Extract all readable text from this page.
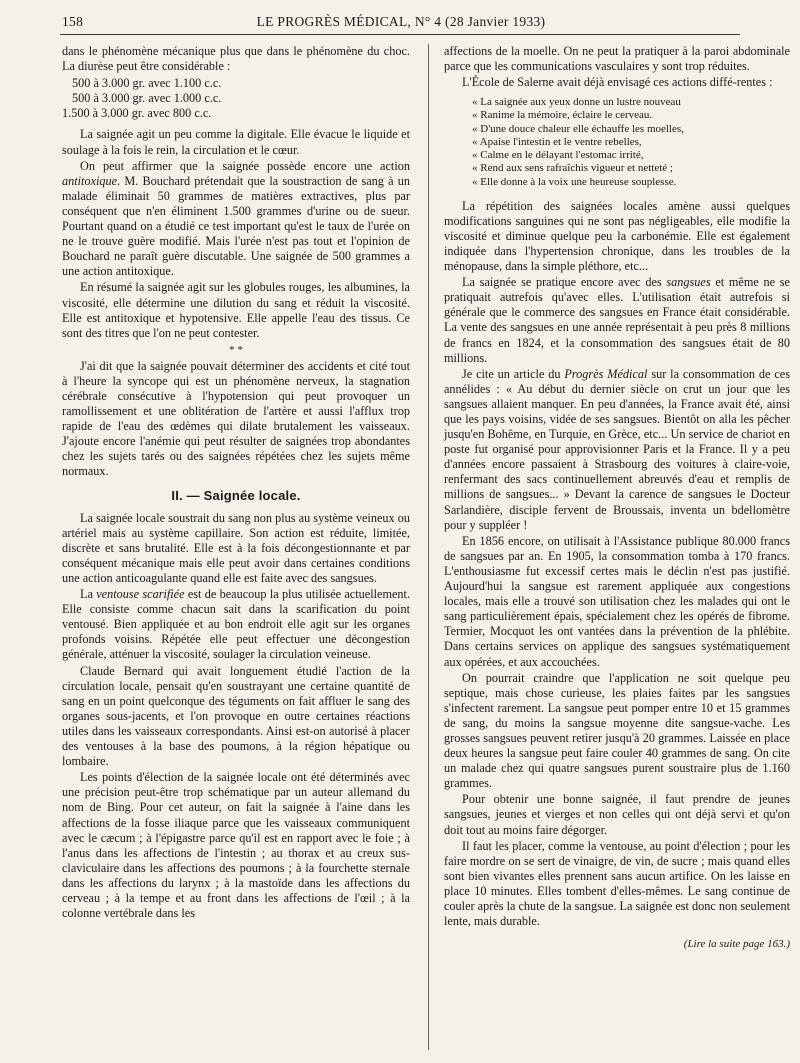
158	LE PROGRÈS MÉDICAL, N° 4 (28 Janvier 1933)

dans le phénomène mécanique plus que dans le phénomène du choc. La diurèse peut être considérable :

500 à 3.000 gr. avec 1.100 c.c.
500 à 3.000 gr. avec 1.000 c.c.
1.500 à 3.000 gr. avec 800 c.c.

La saignée agit un peu comme la digitale. Elle évacue le liquide et soulage à la fois le rein, la circulation et le cœur.

On peut affirmer que la saignée possède encore une action antitoxique. M. Bouchard prétendait que la soustraction de sang à un malade éliminait 50 grammes de matières extractives, plus par conséquent que n'en éliminent 1.500 grammes d'urine ou de sueur. Pourtant quand on a étudié ce test important qu'est le taux de l'urée on ne le trouve guère modifié. Mais l'urée n'est pas tout et l'opinion de Bouchard ne paraît guère discutable. Une saignée de 500 grammes a une action antitoxique.

En résumé la saignée agit sur les globules rouges, les albumines, la viscosité, elle détermine une dilution du sang et réduit la viscosité. Elle est antitoxique et hypotensive. Elle appelle l'eau des tissus. Ce sont des titres que l'on ne peut contester.

* *

J'ai dit que la saignée pouvait déterminer des accidents et cité tout à l'heure la syncope qui est un phénomène nerveux, la stagnation cérébrale consécutive à l'hypotension qui peut provoquer un ramollissement et une oblitération de l'artère et aussi l'afflux trop rapide de l'eau des œdèmes qui dilate brutalement les vaisseaux. J'ajoute encore l'anémie qui peut résulter de saignées trop abondantes chez les sujets tarés ou des saignées répétées chez les sujets même normaux.

II. — Saignée locale.

La saignée locale soustrait du sang non plus au système veineux ou artériel mais au système capillaire. Son action est réduite, limitée, discrète et sans brutalité. Elle est à la fois décongestionnante et par conséquent mécanique mais elle peut avoir dans certaines conditions une action anticoagulante quand elle est faite avec des sangsues.

La ventouse scarifiée est de beaucoup la plus utilisée actuellement. Elle consiste comme chacun sait dans la scarification du point ventousé. Bien appliquée et au bon endroit elle agit sur les organes profonds voisins. Répétée elle peut effectuer une décongestion générale, atténuer la viscosité, soulager la circulation veineuse.

Claude Bernard qui avait longuement étudié l'action de la circulation locale, pensait qu'en soustrayant une certaine quantité de sang en un point quelconque des téguments on fait affluer le sang des organes sous-jacents, et l'on provoque en outre certaines réactions utiles dans les vaisseaux correspondants. Ainsi est-on autorisé à placer des ventouses à la base des poumons, à la région hépatique ou lombaire.

Les points d'élection de la saignée locale ont été déterminés avec une précision peut-être trop schématique par un auteur allemand du nom de Bing. Pour cet auteur, on fait la saignée à l'aine dans les affections de la fosse iliaque parce que les vaisseaux communiquent avec le cæcum ; à l'épigastre parce qu'il est en rapport avec le foie ; à l'anus dans les affections de l'intestin ; au thorax et au creux sus-claviculaire dans les affections des poumons ; à la fourchette sternale dans les affections du larynx ; à la mastoïde dans les affections du cerveau ; à la tempe et au front dans les affections de l'œil ; à la colonne vertébrale dans les

affections de la moelle. On ne peut la pratiquer à la paroi abdominale parce que les communications vasculaires y sont trop réduites.

L'École de Salerne avait déjà envisagé ces actions diffé-rentes :

« La saignée aux yeux donne un lustre nouveau
« Ranime la mémoire, éclaire le cerveau.
« D'une douce chaleur elle échauffe les moelles,
« Apaise l'intestin et le ventre rebelles,
« Calme en le délayant l'estomac irrité,
« Rend aux sens rafraîchis vigueur et netteté ;
« Elle donne à la voix une heureuse souplesse.

La répétition des saignées locales amène aussi quelques modifications sanguines qui ne sont pas négligeables, elle modifie la viscosité et diminue quelque peu la carbonémie. Elle est également indiquée dans l'hypertension chronique, dans les troubles de la ménopause, dans la simple pléthore, etc...

La saignée se pratique encore avec des sangsues et même ne se pratiquait autrefois qu'avec elles. L'utilisation était autrefois si générale que le commerce des sangsues en France était considérable. La vente des sangsues en une année représentait à peu près 8 millions de francs en 1824, et la consommation des sangsues était de 80 millions.

Je cite un article du Progrès Médical sur la consommation de ces annélides : « Au début du dernier siècle on crut un jour que les sangsues allaient manquer. En peu d'années, la France avait été, ainsi que les pays voisins, vidée de ses sangsues. Bientôt on alla les pêcher jusqu'en Bohême, en Turquie, en Grèce, etc... Un service de chariot en poste fut organisé pour approvisionner Paris et la France. Il y a peu d'années encore passaient à Strasbourg des voitures à claire-voie, renfermant des sacs continuellement abreuvés d'eau et remplis de millions de sangsues... » Devant la carence de sangsues le Docteur Sarlandière, disciple fervent de Broussais, inventa un bdellomètre pour y suppléer !

En 1856 encore, on utilisait à l'Assistance publique 80.000 francs de sangsues par an. En 1905, la consommation tomba à 170 francs. L'enthousiasme fut excessif certes mais le déclin n'est pas justifié. Aujourd'hui la sangsue est rarement appliquée aux congestions locales, mais elle a trouvé son utilisation chez les malades qui ont le sang particulièrement épais, spécialement chez les opérés de fibrome. Termier, Mocquot les ont vantées dans la prévention de la phlébite. Dans certains services on applique des sangsues systématiquement aux opérées, et aux accouchées.

On pourrait craindre que l'application ne soit quelque peu septique, mais chose curieuse, les plaies faites par les sangsues s'infectent rarement. La sangsue peut pomper entre 10 et 15 grammes de sang, du moins la sangsue moyenne dite sangsue-vache. Les grosses sangsues peuvent retirer jusqu'à 20 grammes. Laissée en place deux heures la sangsue peut faire couler 40 grammes de sang. On cite un malade chez qui quatre sangsues purent soustraire plus de 1.160 grammes.

Pour obtenir une bonne saignée, il faut prendre de jeunes sangsues, jeunes et vierges et non celles qui ont déjà servi et qu'on doit tout au moins faire dégorger.

Il faut les placer, comme la ventouse, au point d'élection ; pour les faire mordre on se sert de vinaigre, de vin, de sucre ; mais quand elles sont bien vivantes elles prennent sans aucun artifice. On les laisse en place 10 minutes. Elles tombent d'elles-mêmes. Le sang continue de couler après la chute de la sangsue. La saignée est donc non seulement lente, mais durable.

(Lire la suite page 163.)
